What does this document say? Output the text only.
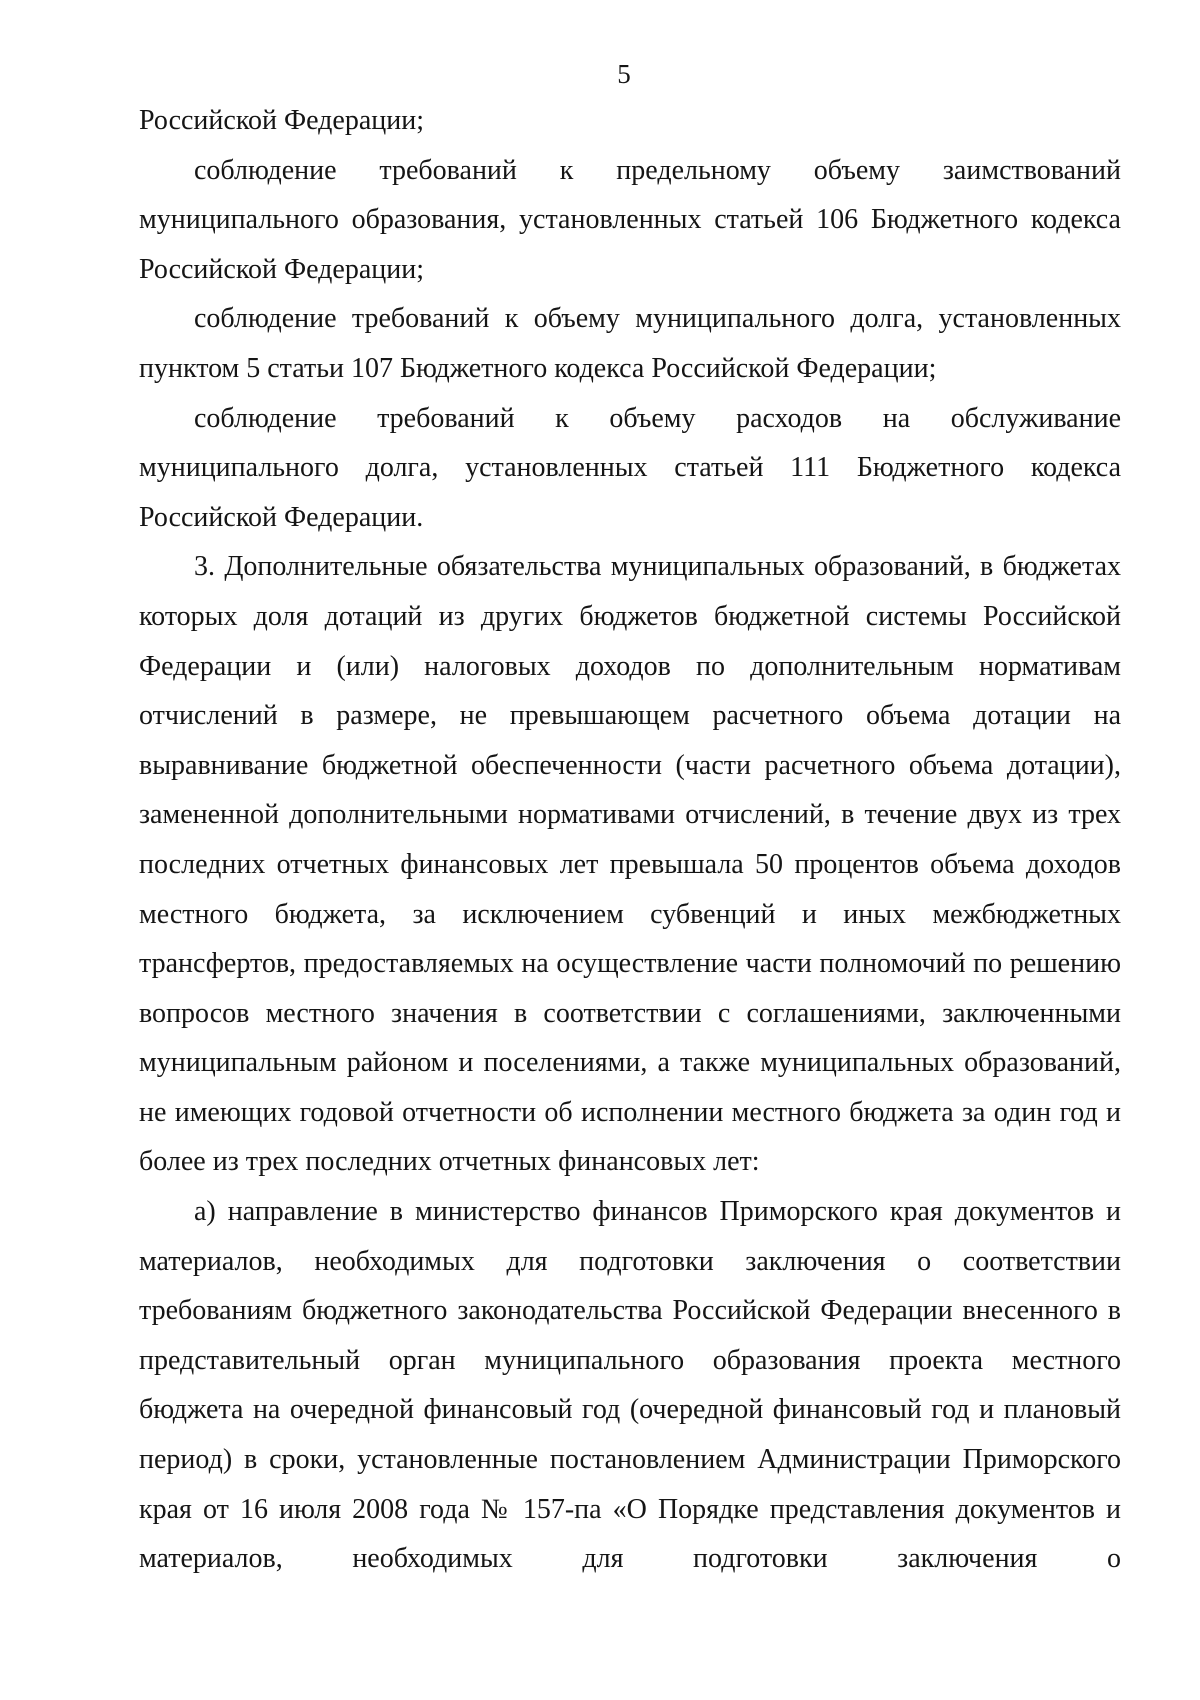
5

Российской Федерации;

соблюдение требований к предельному объему заимствований муниципального образования, установленных статьей 106 Бюджетного кодекса Российской Федерации;

соблюдение требований к объему муниципального долга, установленных пунктом 5 статьи 107 Бюджетного кодекса Российской Федерации;

соблюдение требований к объему расходов на обслуживание муниципального долга, установленных статьей 111 Бюджетного кодекса Российской Федерации.

3. Дополнительные обязательства муниципальных образований, в бюджетах которых доля дотаций из других бюджетов бюджетной системы Российской Федерации и (или) налоговых доходов по дополнительным нормативам отчислений в размере, не превышающем расчетного объема дотации на выравнивание бюджетной обеспеченности (части расчетного объема дотации), замененной дополнительными нормативами отчислений, в течение двух из трех последних отчетных финансовых лет превышала 50 процентов объема доходов местного бюджета, за исключением субвенций и иных межбюджетных трансфертов, предоставляемых на осуществление части полномочий по решению вопросов местного значения в соответствии с соглашениями, заключенными муниципальным районом и поселениями, а также муниципальных образований, не имеющих годовой отчетности об исполнении местного бюджета за один год и более из трех последних отчетных финансовых лет:

а) направление в министерство финансов Приморского края документов и материалов, необходимых для подготовки заключения о соответствии требованиям бюджетного законодательства Российской Федерации внесенного в представительный орган муниципального образования проекта местного бюджета на очередной финансовый год (очередной финансовый год и плановый период) в сроки, установленные постановлением Администрации Приморского края от 16 июля 2008 года № 157-па «О Порядке представления документов и материалов, необходимых для подготовки заключения о
